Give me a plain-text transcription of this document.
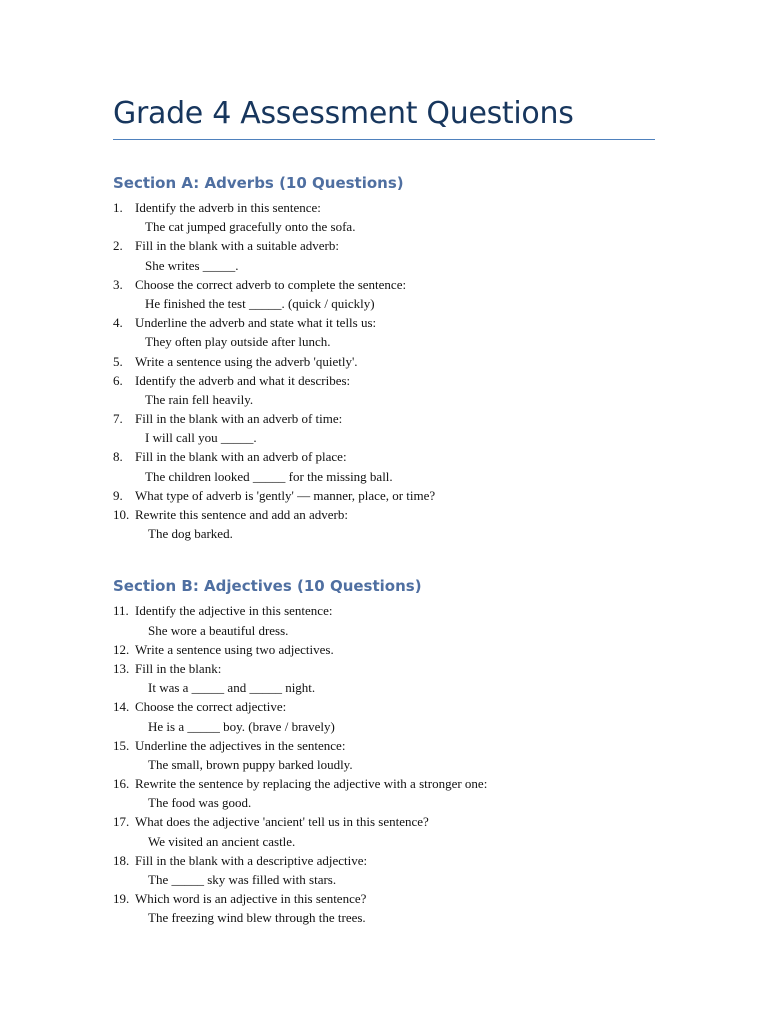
Grade 4 Assessment Questions
Section A: Adverbs (10 Questions)
1. Identify the adverb in this sentence:
The cat jumped gracefully onto the sofa.
2. Fill in the blank with a suitable adverb:
She writes _____.
3. Choose the correct adverb to complete the sentence:
He finished the test _____. (quick / quickly)
4. Underline the adverb and state what it tells us:
They often play outside after lunch.
5. Write a sentence using the adverb 'quietly'.
6. Identify the adverb and what it describes:
The rain fell heavily.
7. Fill in the blank with an adverb of time:
I will call you _____.
8. Fill in the blank with an adverb of place:
The children looked _____ for the missing ball.
9. What type of adverb is 'gently' — manner, place, or time?
10. Rewrite this sentence and add an adverb:
The dog barked.
Section B: Adjectives (10 Questions)
11. Identify the adjective in this sentence:
She wore a beautiful dress.
12. Write a sentence using two adjectives.
13. Fill in the blank:
It was a _____ and _____ night.
14. Choose the correct adjective:
He is a _____ boy. (brave / bravely)
15. Underline the adjectives in the sentence:
The small, brown puppy barked loudly.
16. Rewrite the sentence by replacing the adjective with a stronger one:
The food was good.
17. What does the adjective 'ancient' tell us in this sentence?
We visited an ancient castle.
18. Fill in the blank with a descriptive adjective:
The _____ sky was filled with stars.
19. Which word is an adjective in this sentence?
The freezing wind blew through the trees.
